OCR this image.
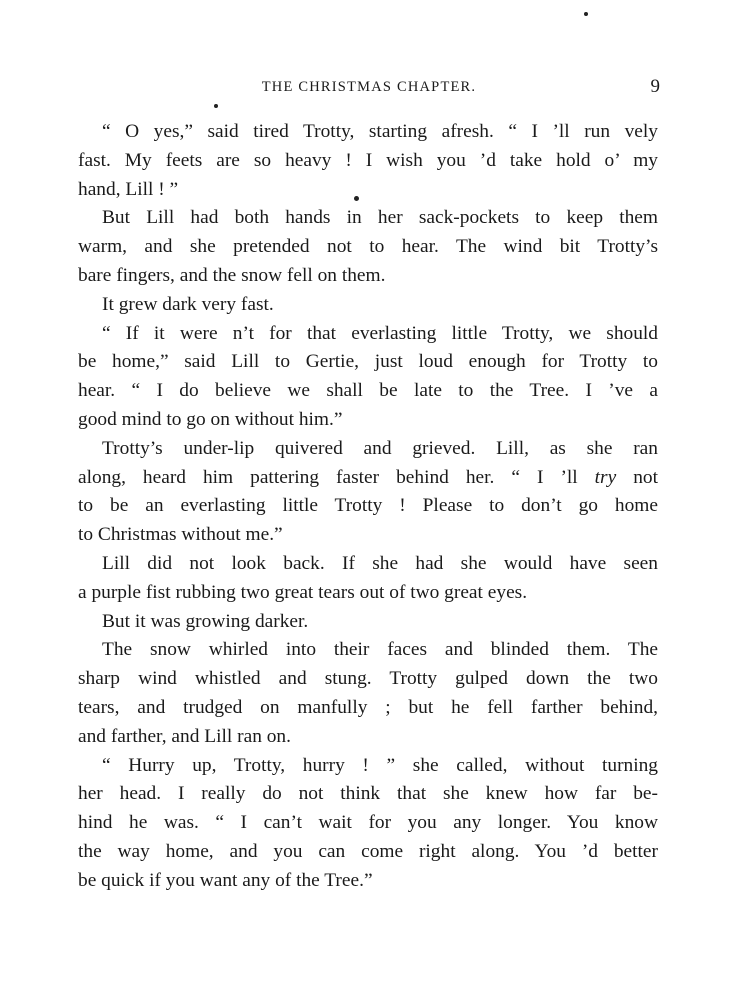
THE CHRISTMAS CHAPTER.	9
“ O yes,” said tired Trotty, starting afresh. “ I ’ll run vely
fast. My feets are so heavy ! I wish you ’d take hold o’ my
hand, Lill ! ”
But Lill had both hands in her sack-pockets to keep them
warm, and she pretended not to hear. The wind bit Trotty’s
bare fingers, and the snow fell on them.
It grew dark very fast.
“ If it were n’t for that everlasting little Trotty, we should
be home,” said Lill to Gertie, just loud enough for Trotty to
hear. “ I do believe we shall be late to the Tree. I ’ve a
good mind to go on without him.”
Trotty’s under-lip quivered and grieved. Lill, as she ran
along, heard him pattering faster behind her. “ I ’ll try not
to be an everlasting little Trotty ! Please to don’t go home
to Christmas without me.”
Lill did not look back. If she had she would have seen
a purple fist rubbing two great tears out of two great eyes.
But it was growing darker.
The snow whirled into their faces and blinded them. The
sharp wind whistled and stung. Trotty gulped down the two
tears, and trudged on manfully ; but he fell farther behind,
and farther, and Lill ran on.
“ Hurry up, Trotty, hurry ! ” she called, without turning
her head. I really do not think that she knew how far be-
hind he was. “ I can’t wait for you any longer. You know
the way home, and you can come right along. You ’d better
be quick if you want any of the Tree.”
